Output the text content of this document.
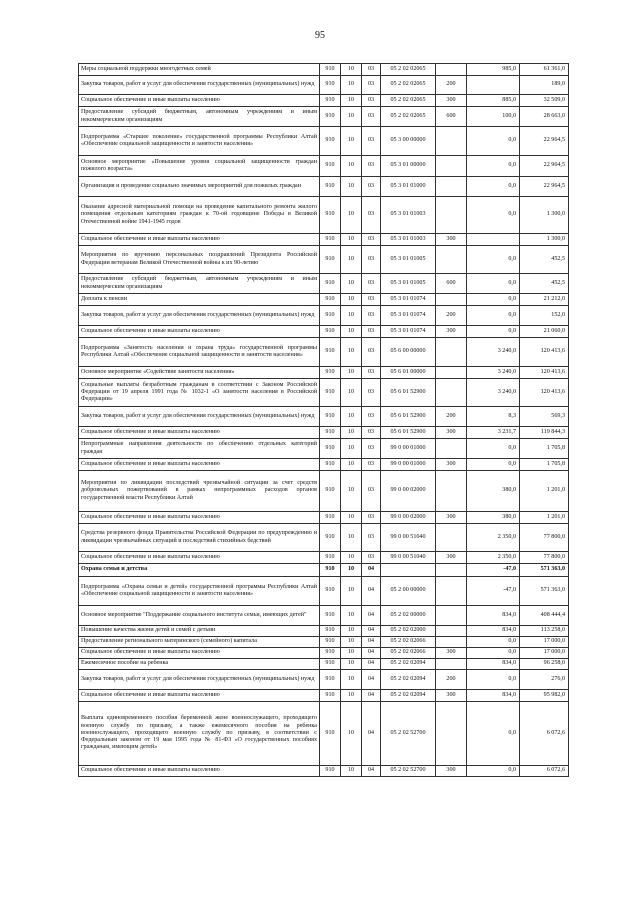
95
Меры социальной поддержки многодетных семей	910	10	03	05 2 02 02065		985,0	61 361,0
Закупка товаров, работ и услуг для обеспечения государственных (муниципальных) нужд	910	10	03	05 2 02 02065	200		189,0
Социальное обеспечение и иные выплаты населению	910	10	03	05 2 02 02065	300	885,0	32 509,0
Предоставление субсидий бюджетным, автономным учреждениям и иным некоммерческим организациям	910	10	03	05 2 02 02065	600	100,0	28 663,0
Подпрограмма «Старшее поколение» государственной программы Республики Алтай «Обеспечение социальной защищенности и занятости населения»	910	10	03	05 3 00 00000		0,0	22 964,5
Основное мероприятие «Повышение уровня социальной защищенности граждан пожилого возраста»	910	10	03	05 3 01 00000		0,0	22 964,5
Организация и проведение социально значимых мероприятий для пожилых граждан	910	10	03	05 3 01 01000		0,0	22 964,5
Оказание адресной материальной помощи на проведение капитального ремонта жилого помещения отдельным категориям граждан к 70-ой годовщине Победы в Великой Отечественной войне 1941-1945 годов	910	10	03	05 3 01 01003		0,0	1 300,0
Социальное обеспечение и иные выплаты населению	910	10	03	05 3 01 01003	300		1 300,0
Мероприятия по вручению персональных поздравлений Президента Российской Федерации ветеранам Великой Отечественной войны к их 90-летию	910	10	03	05 3 01 01005		0,0	452,5
Предоставление субсидий бюджетным, автономным учреждениям и иным некоммерческим организациям	910	10	03	05 3 01 01005	600	0,0	452,5
Доплата к пенсии	910	10	03	05 3 01 01074		0,0	21 212,0
Закупка товаров, работ и услуг для обеспечения государственных (муниципальных) нужд	910	10	03	05 3 01 01074	200	0,0	152,0
Социальное обеспечение и иные выплаты населению	910	10	03	05 3 01 01074	300	0,0	21 060,0
Подпрограмма «Занятость населения и охрана труда» государственной программы Республики Алтай «Обеспечение социальной защищенности и занятости населения»	910	10	03	05 6 00 00000		3 240,0	120 413,6
Основное мероприятие «Содействие занятости населения»	910	10	03	05 6 01 00000		3 240,0	120 413,6
Социальные выплаты безработным гражданам в соответствии с Законом Российской Федерации от 19 апреля 1991 года № 1032-1 «О занятости населения в Российской Федерации»	910	10	03	05 6 01 52900		3 240,0	120 413,6
Закупка товаров, работ и услуг для обеспечения государственных (муниципальных) нужд	910	10	03	05 6 01 52900	200	8,3	569,3
Социальное обеспечение и иные выплаты населению	910	10	03	05 6 01 52900	300	3 231,7	119 844,3
Непрограммные направления деятельности по обеспечению отдельных категорий граждан	910	10	03	99 0 00 01000		0,0	1 705,8
Социальное обеспечение и иные выплаты населению	910	10	03	99 0 00 01000	300	0,0	1 705,8
Мероприятия по ликвидации последствий чрезвычайной ситуации за счет средств добровольных пожертвований в рамках непрограммных расходов органов государственной власти Республики Алтай	910	10	03	99 0 00 02000		380,0	1 201,0
Социальное обеспечение и иные выплаты населению	910	10	03	99 0 00 02000	300	380,0	1 201,0
Средства резервного фонда Правительства Российской Федерации по предупреждению и ликвидации чрезвычайных ситуаций и последствий стихийных бедствий	910	10	03	99 0 00 51040		2 350,0	77 800,0
Социальное обеспечение и иные выплаты населению	910	10	03	99 0 00 51040	300	2 350,0	77 800,0
Охрана семьи и детства	910	10	04			-47,0	571 363,0
Подпрограмма «Охрана семьи и детей» государственной программы Республики Алтай «Обеспечение социальной защищенности и занятости населения»	910	10	04	05 2 00 00000		-47,0	571 363,0
Основное мероприятие "Поддержание социального института семьи, имеющих детей"	910	10	04	05 2 02 00000		834,0	408 444,4
Повышение качества жизни детей и семей с детьми	910	10	04	05 2 02 02000		834,0	113 258,0
Предоставление регионального материнского (семейного) капитала	910	10	04	05 2 02 02066		0,0	17 000,0
Социальное обеспечение и иные выплаты населению	910	10	04	05 2 02 02066	300	0,0	17 000,0
Ежемесячное пособие на ребенка	910	10	04	05 2 02 02094		834,0	96 258,0
Закупка товаров, работ и услуг для обеспечения государственных (муниципальных) нужд	910	10	04	05 2 02 02094	200	0,0	276,0
Социальное обеспечение и иные выплаты населению	910	10	04	05 2 02 02094	300	834,0	95 982,0
Выплата единовременного пособия беременной жене военнослужащего, проходящего военную службу по призыву, а также ежемесячного пособия на ребенка военнослужащего, проходящего военную службу по призыву, в соответствии с Федеральным законом от 19 мая 1995 года № 81-ФЗ «О государственных пособиях гражданам, имеющим детей»	910	10	04	05 2 02 52700		0,0	6 072,6
Социальное обеспечение и иные выплаты населению	910	10	04	05 2 02 52700	300	0,0	6 072,6
